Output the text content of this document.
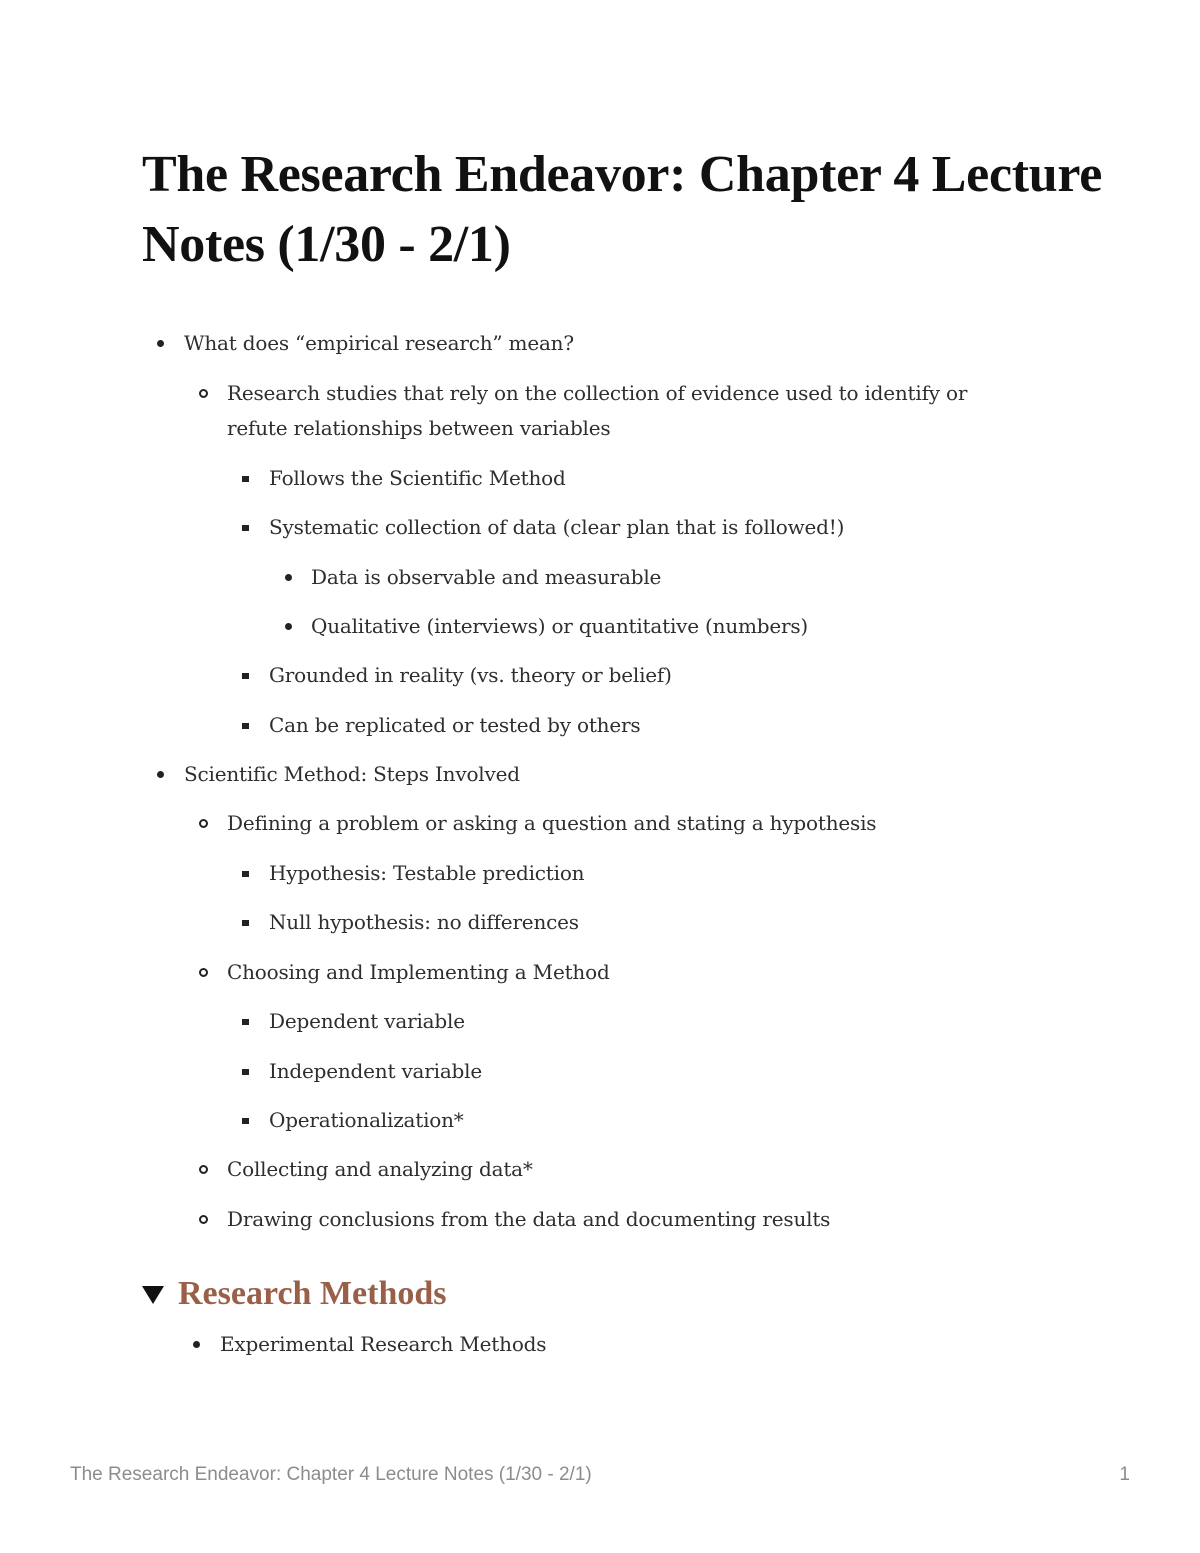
The Research Endeavor: Chapter 4 Lecture Notes (1/30 - 2/1)
What does “empirical research” mean?
Research studies that rely on the collection of evidence used to identify or refute relationships between variables
Follows the Scientific Method
Systematic collection of data (clear plan that is followed!)
Data is observable and measurable
Qualitative (interviews) or quantitative (numbers)
Grounded in reality (vs. theory or belief)
Can be replicated or tested by others
Scientific Method: Steps Involved
Defining a problem or asking a question and stating a hypothesis
Hypothesis: Testable prediction
Null hypothesis: no differences
Choosing and Implementing a Method
Dependent variable
Independent variable
Operationalization*
Collecting and analyzing data*
Drawing conclusions from the data and documenting results
Research Methods
Experimental Research Methods
The Research Endeavor: Chapter 4 Lecture Notes (1/30 - 2/1)	1
